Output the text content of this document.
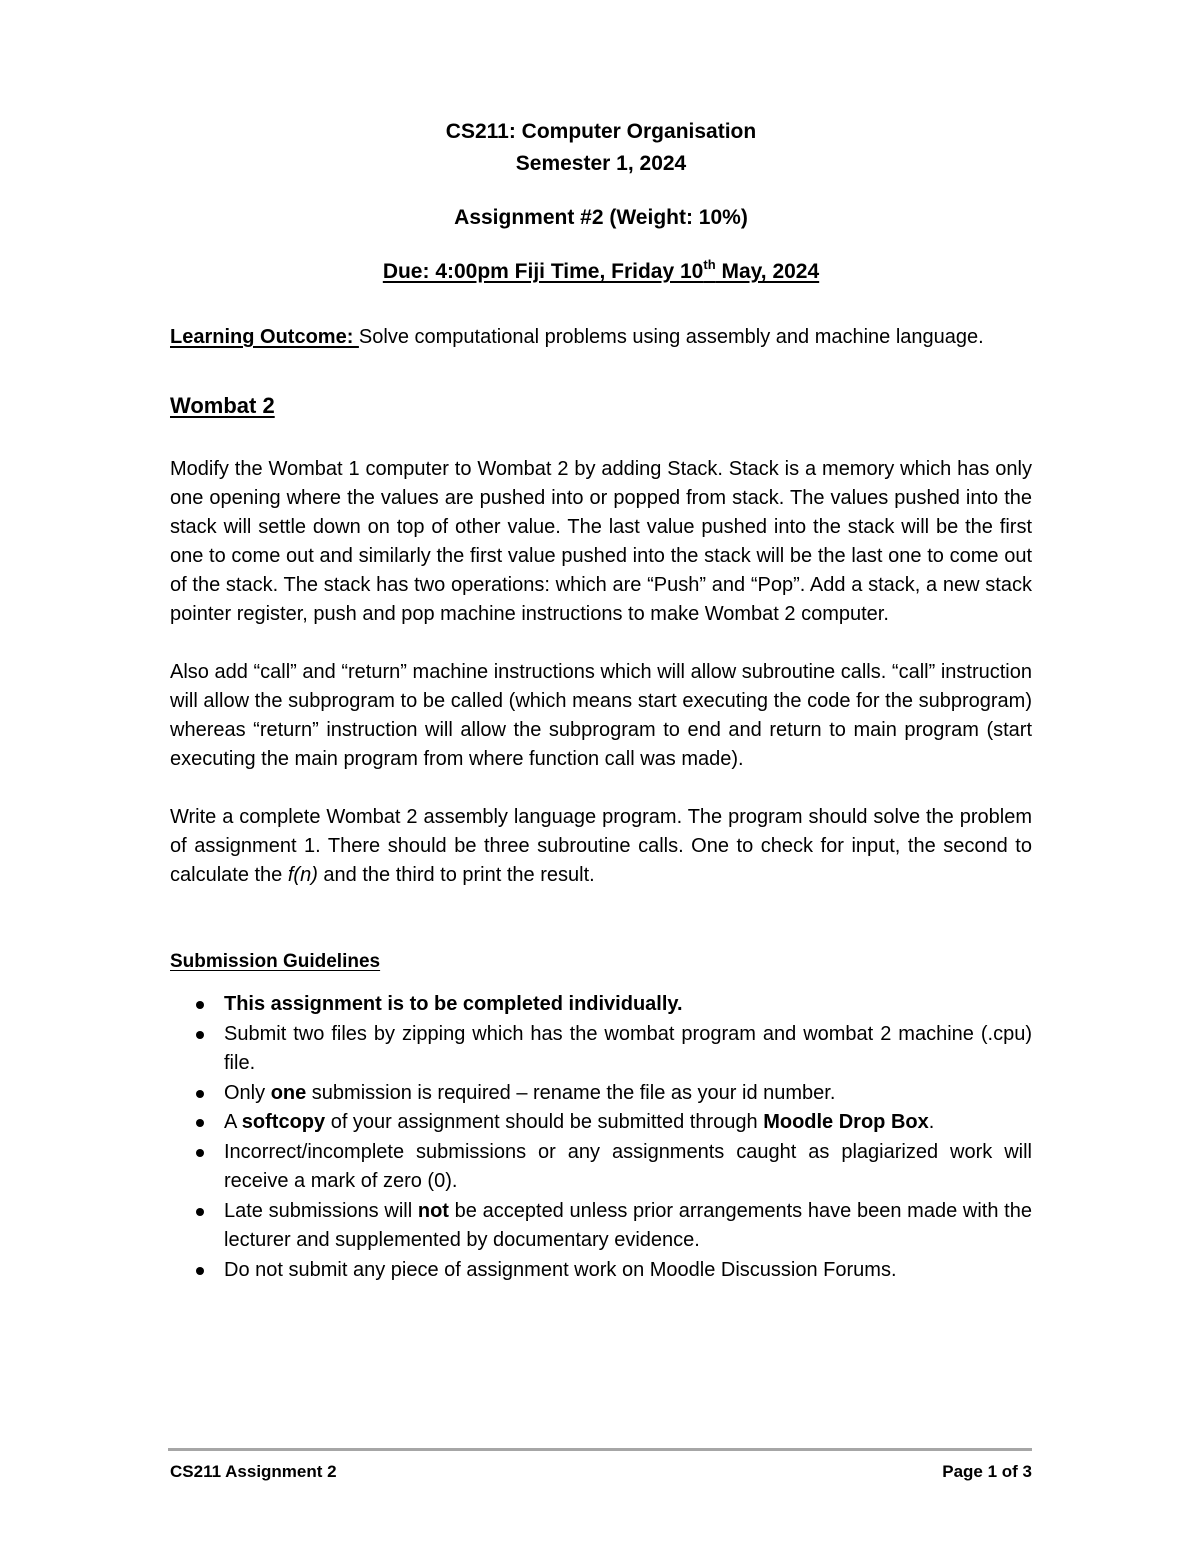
CS211: Computer Organisation

Semester 1, 2024

Assignment #2 (Weight: 10%)

Due: 4:00pm Fiji Time, Friday 10th May, 2024

Learning Outcome: Solve computational problems using assembly and machine language.
Wombat 2

Modify the Wombat 1 computer to Wombat 2 by adding Stack. Stack is a memory which has only one opening where the values are pushed into or popped from stack. The values pushed into the stack will settle down on top of other value. The last value pushed into the stack will be the first one to come out and similarly the first value pushed into the stack will be the last one to come out of the stack. The stack has two operations: which are “Push” and “Pop”. Add a stack, a new stack pointer register, push and pop machine instructions to make Wombat 2 computer.

Also add “call” and “return” machine instructions which will allow subroutine calls. “call” instruction will allow the subprogram to be called (which means start executing the code for the subprogram) whereas “return” instruction will allow the subprogram to end and return to main program (start executing the main program from where function call was made).

Write a complete Wombat 2 assembly language program. The program should solve the problem of assignment 1. There should be three subroutine calls. One to check for input, the second to calculate the f(n) and the third to print the result.

Submission Guidelines
This assignment is to be completed individually.
Submit two files by zipping which has the wombat program and wombat 2 machine (.cpu) file.
Only one submission is required – rename the file as your id number.
A softcopy of your assignment should be submitted through Moodle Drop Box.
Incorrect/incomplete submissions or any assignments caught as plagiarized work will receive a mark of zero (0).
Late submissions will not be accepted unless prior arrangements have been made with the lecturer and supplemented by documentary evidence.
Do not submit any piece of assignment work on Moodle Discussion Forums.
CS211 Assignment 2	Page 1 of 3
